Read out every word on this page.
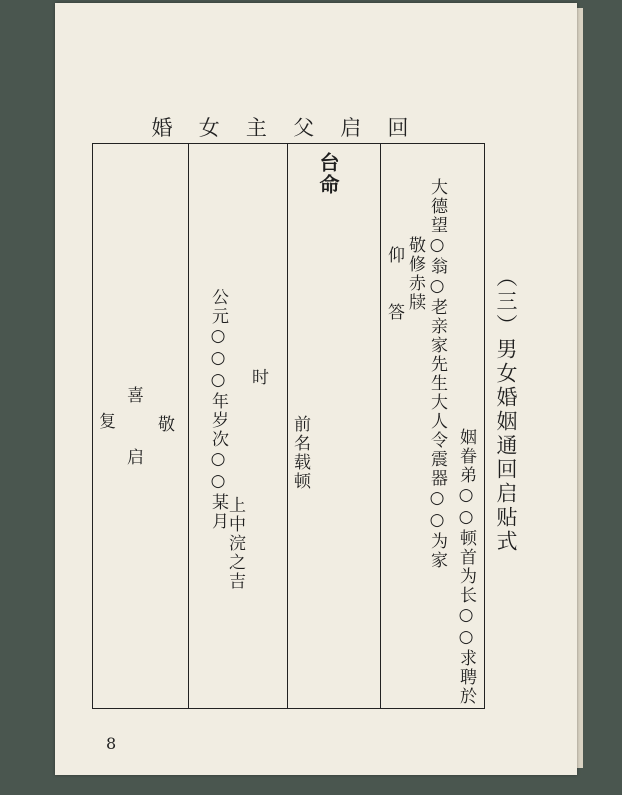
婚 女 主 父 启 回
大德望○翁○老亲家先生大人令震器○○为家 姻眷弟○○顿首为长○○求聘於
敬修赤牍
仰
答
台命
前名载顿
时
公元○○○年岁次○○某月
上中浣之吉
喜
敬
复
启	（三）男女婚姻通回启贴式
8
